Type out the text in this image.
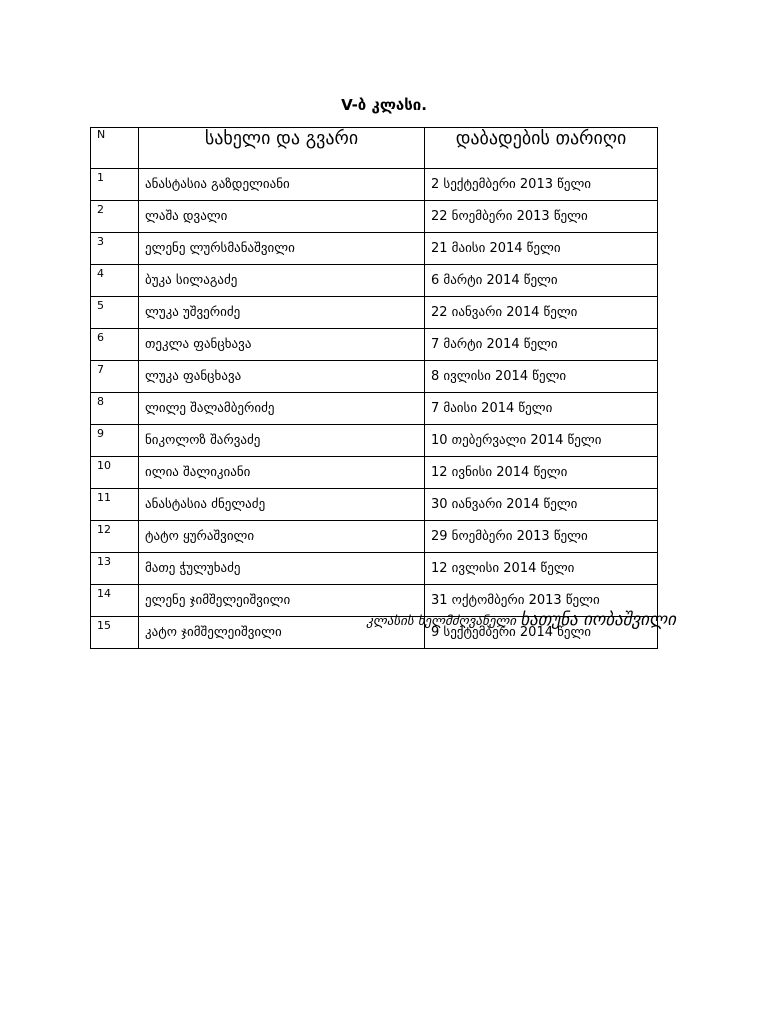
V-ბ კლასი.
N	სახელი და გვარი	დაბადების თარიღი
1	ანასტასია გაზდელიანი	2 სექტემბერი 2013 წელი
2	ლაშა დვალი	22 ნოემბერი 2013 წელი
3	ელენე ლურსმანაშვილი	21 მაისი 2014 წელი
4	ბუკა სილაგაძე	6 მარტი 2014 წელი
5	ლუკა უშვერიძე	22 იანვარი 2014 წელი
6	თეკლა ფანცხავა	7 მარტი 2014 წელი
7	ლუკა ფანცხავა	8 ივლისი 2014 წელი
8	ლილე შალამბერიძე	7 მაისი 2014 წელი
9	ნიკოლოზ შარვაძე	10 თებერვალი 2014 წელი
10	ილია შალიკიანი	12 ივნისი 2014 წელი
11	ანასტასია ძნელაძე	30 იანვარი 2014 წელი
12	ტატო ყურაშვილი	29 ნოემბერი 2013 წელი
13	მათე ჭულუხაძე	12 ივლისი 2014 წელი
14	ელენე ჯიმშელეიშვილი	31 ოქტომბერი 2013 წელი
15	კატო ჯიმშელეიშვილი	9 სექტემბერი 2014 წელი
კლასის ხელმძღვანელი ხათუნა იობაშვილი
